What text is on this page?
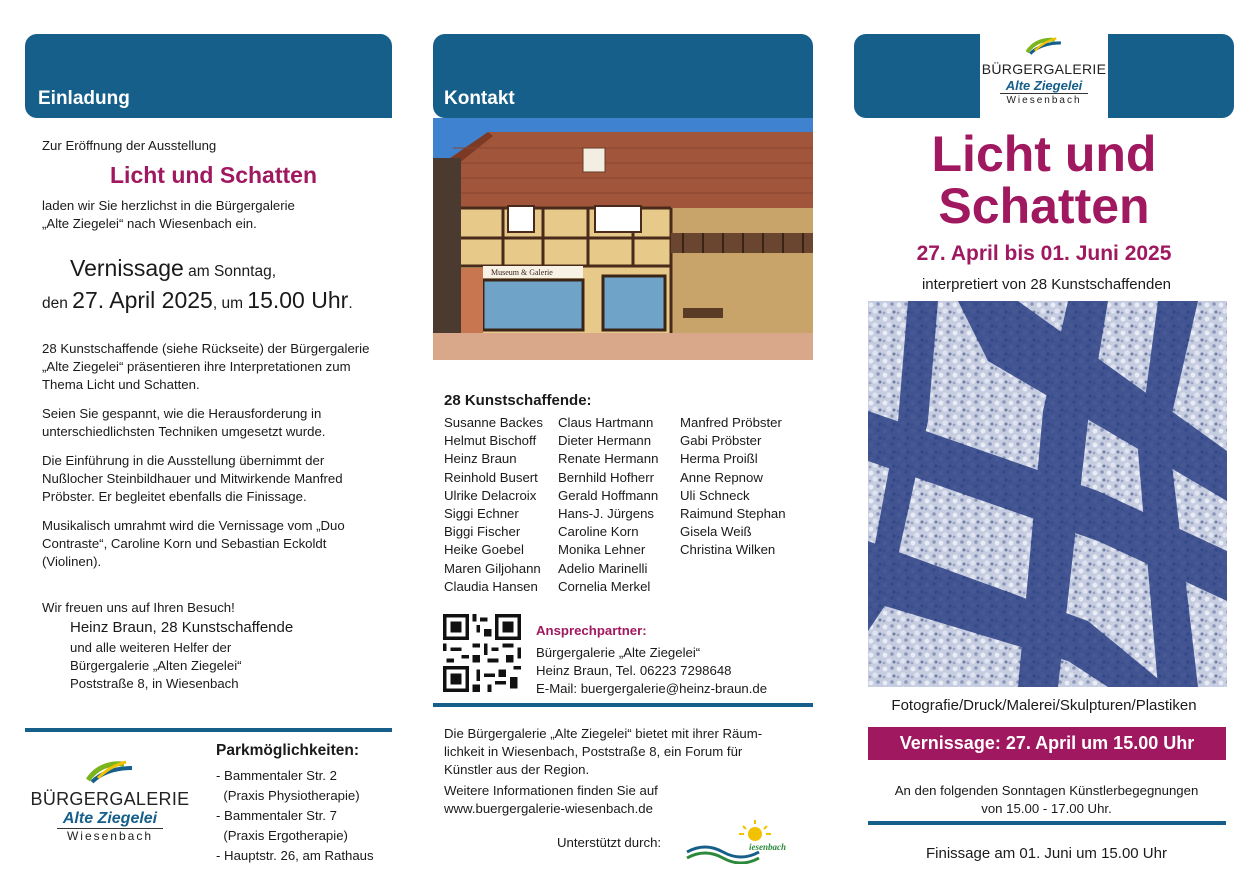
Einladung
Zur Eröffnung der Ausstellung
Licht und Schatten
laden wir Sie herzlichst in die Bürgergalerie
„Alte Ziegelei“ nach Wiesenbach ein.
Vernissage am Sonntag,
den 27. April 2025, um 15.00 Uhr.
28 Kunstschaffende (siehe Rückseite) der Bürgergalerie „Alte Ziegelei“ präsentieren ihre Interpretationen zum Thema Licht und Schatten.
Seien Sie gespannt, wie die Herausforderung in unterschiedlichsten Techniken umgesetzt wurde.
Die Einführung in die Ausstellung übernimmt der Nußlocher Steinbildhauer und Mitwirkende Manfred Pröbster. Er begleitet ebenfalls die Finissage.
Musikalisch umrahmt wird die Vernissage vom „Duo Contraste“, Caroline Korn und Sebastian Eckoldt (Violinen).
Wir freuen uns auf Ihren Besuch!
Heinz Braun, 28 Kunstschaffende
und alle weiteren Helfer der
Bürgergalerie „Alten Ziegelei“
Poststraße 8, in Wiesenbach
BÜRGERGALERIE
Alte Ziegelei
Wiesenbach
Parkmöglichkeiten:
- Bammentaler Str. 2
(Praxis Physiotherapie)
- Bammentaler Str. 7
(Praxis Ergotherapie)
- Hauptstr. 26, am Rathaus
Kontakt
Museum & Galerie
28 Kunstschaffende:
Susanne Backes
Helmut Bischoff
Heinz Braun
Reinhold Busert
Ulrike Delacroix
Siggi Echner
Biggi Fischer
Heike Goebel
Maren Giljohann
Claudia Hansen
Claus Hartmann
Dieter Hermann
Renate Hermann
Bernhild Hofherr
Gerald Hoffmann
Hans-J. Jürgens
Caroline Korn
Monika Lehner
Adelio Marinelli
Cornelia Merkel
Manfred Pröbster
Gabi Pröbster
Herma Proißl
Anne Repnow
Uli Schneck
Raimund Stephan
Gisela Weiß
Christina Wilken
Ansprechpartner:
Bürgergalerie „Alte Ziegelei“
Heinz Braun, Tel. 06223 7298648
E-Mail: buergergalerie@heinz-braun.de
Die Bürgergalerie „Alte Ziegelei“ bietet mit ihrer Räum-
lichkeit in Wiesenbach, Poststraße 8, ein Forum für
Künstler aus der Region.
Weitere Informationen finden Sie auf
www.buergergalerie-wiesenbach.de
Unterstützt durch:	iesenbach
BÜRGERGALERIE
Alte Ziegelei
Wiesenbach
Licht und
Schatten
27. April bis 01. Juni 2025
interpretiert von 28 Kunstschaffenden
Fotografie/Druck/Malerei/Skulpturen/Plastiken
Vernissage: 27. April um 15.00 Uhr
An den folgenden Sonntagen Künstlerbegegnungen
von 15.00 - 17.00 Uhr.
Finissage am 01. Juni um 15.00 Uhr
